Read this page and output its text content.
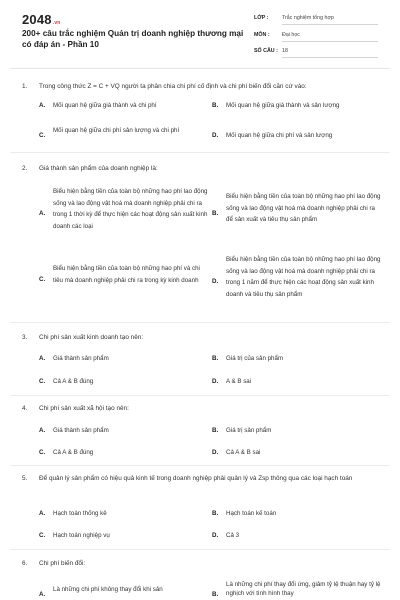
2048.vn
200+ câu trắc nghiệm Quản trị doanh nghiệp thương mại có đáp án - Phần 10
LỚP :	Trắc nghiệm tổng hợp
MÔN : Đại học
SỐ CÂU : 18
1. Trong công thức Z = C + VQ người ta phân chia chi phí cố định và chi phí biến đổi căn cứ vào:
A. Mối quan hệ giữa giá thành và chi phí	B. Mối quan hệ giữa giá thành và sản lượng
C.
Mối quan hệ giữa chi phí sản lượng và chi phí
D. Mối quan hệ giữa chi phí và sản lượng
2. Giá thành sản phẩm của doanh nghiệp là:
A.
Biểu hiện bằng tiền của toàn bộ những hao phí lao động sống và lao động vật hoá mà doanh nghiệp phải chi ra trong 1 thời kỳ để thực hiện các hoạt động sản xuất kinh doanh các loại
B.
Biểu hiện bằng tiền của toàn bộ những hao phí lao động sống và lao động vật hoá mà doanh nghiệp phải chi ra để sản xuất và tiêu thụ sản phẩm
C.
Biểu hiện bằng tiền của toàn bộ những hao phí và chi tiêu mà doanh nghiệp phải chi ra trong kỳ kinh doanh	D.
Biểu hiện bằng tiền của toàn bộ những hao phí lao động sống và lao động vật hoá mà doanh nghiệp phải chi ra trong 1 năm để thực hiện các hoạt động sản xuất kinh doanh và tiêu thụ sản phẩm
3. Chi phí sản xuất kinh doanh tạo nên:
A. Giá thành sản phẩm	B. Giá trị của sản phẩm
C. Cả A & B đúng	D. A & B sai
4. Chi phí sản xuất xã hội tạo nên:
A. Giá thành sản phẩm	B. Giá trị sản phẩm
C. Cả A & B đúng	D. Cả A & B sai
5. Để quản lý sản phẩm có hiệu quả kinh tế trong doanh nghiệp phải quản lý và Zsp thông qua các loại hạch toán
A. Hạch toán thống kê	B. Hạch toán kế toán
C. Hạch toán nghiệp vụ	D. Cả 3
6. Chi phí biến đổi:
A.
Là những chi phí không thay đổi khi sản
B.
Là những chi phí thay đổi ứng, giảm tỷ lệ thuận hay tỷ lệ nghịch với tình hình thay
